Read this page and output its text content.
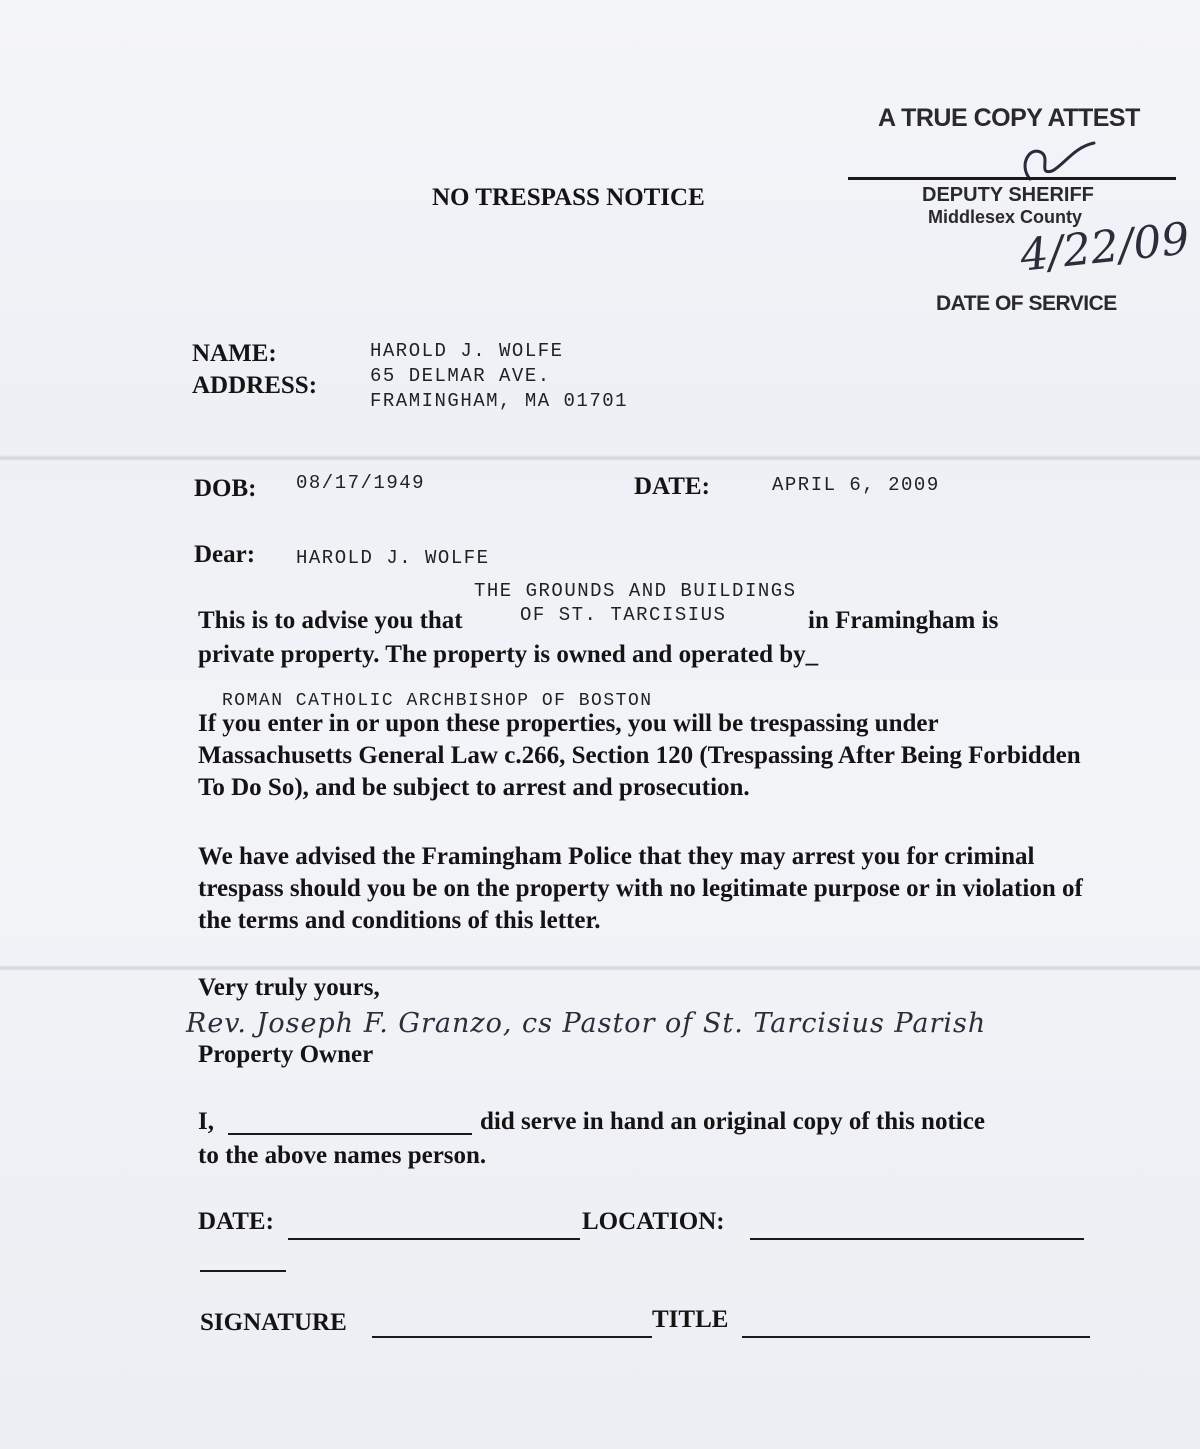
A TRUE COPY ATTEST
DEPUTY SHERIFF
Middlesex County
4/22/09
DATE OF SERVICE
NO TRESPASS NOTICE
NAME:	HAROLD J. WOLFE
ADDRESS:	65 DELMAR AVE.
FRAMINGHAM, MA 01701
DOB: 08/17/1949	DATE:	APRIL 6, 2009
Dear: HAROLD J. WOLFE
THE GROUNDS AND BUILDINGS
OF ST. TARCISIUS
This is to advise you that	in Framingham is
private property. The property is owned and operated by_
ROMAN CATHOLIC ARCHBISHOP OF BOSTON
If you enter in or upon these properties, you will be trespassing under Massachusetts General Law c.266, Section 120 (Trespassing After Being Forbidden To Do So), and be subject to arrest and prosecution.
We have advised the Framingham Police that they may arrest you for criminal trespass should you be on the property with no legitimate purpose or in violation of the terms and conditions of this letter.
Very truly yours,
Rev. Joseph F. Granzo, cs Pastor of St. Tarcisius Parish
Property Owner
I,	did serve in hand an original copy of this notice
to the above names person.
DATE:	LOCATION:
SIGNATURE	TITLE
